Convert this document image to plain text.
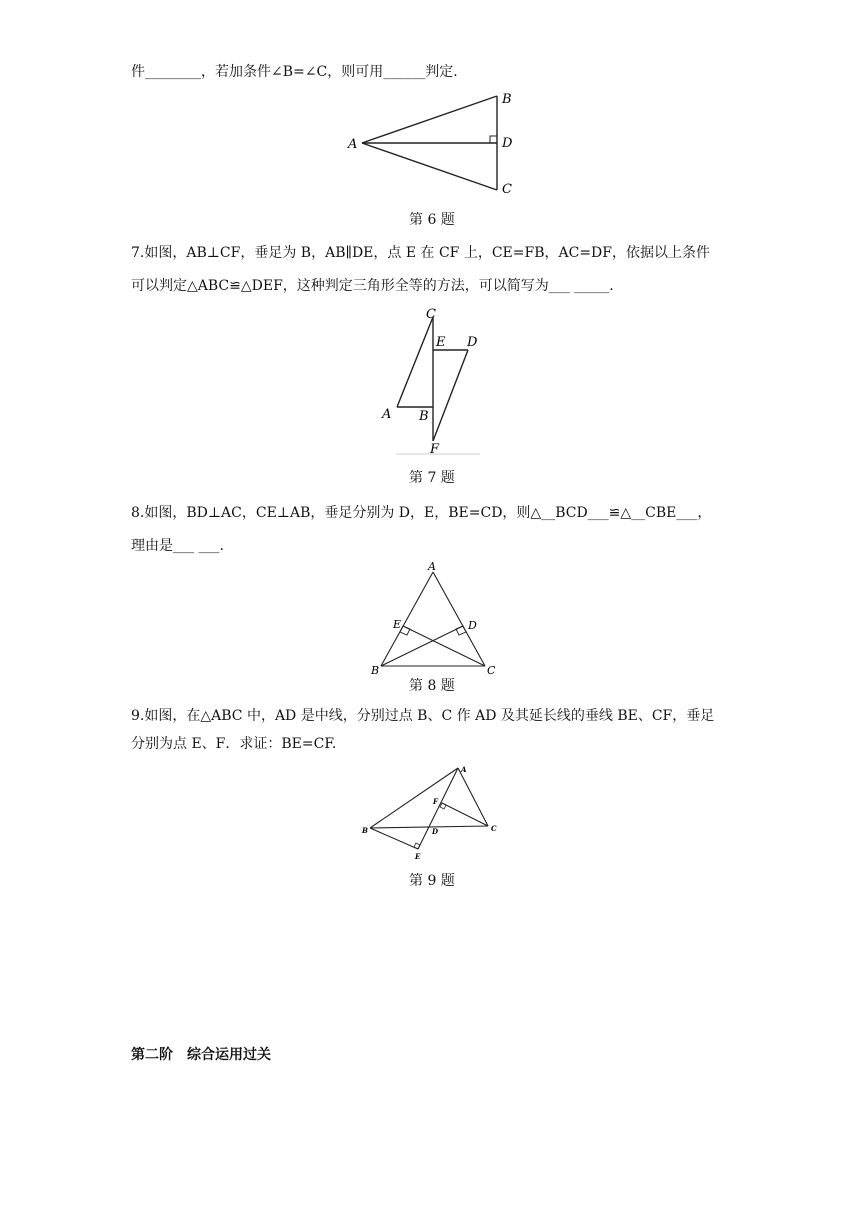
件________，若加条件∠B=∠C，则可用______判定.
A
B
D
C
第 6 题
7.如图，AB⊥CF，垂足为 B，AB∥DE，点 E 在 CF 上，CE=FB，AC=DF，依据以上条件
可以判定△ABC≌△DEF，这种判定三角形全等的方法，可以简写为___ _____.
C
E D
A B
F
第 7 题
8.如图，BD⊥AC，CE⊥AB，垂足分别为 D，E，BE=CD，则△__BCD___≌△__CBE___，
理由是___ ___.
A
E	D
B	C
第 8 题
9.如图，在△ABC 中，AD 是中线，分别过点 B、C 作 AD 及其延长线的垂线 BE、CF，垂足
分别为点 E、F．求证：BE=CF.
A
F
B	D	C
E
第 9 题
第二阶　综合运用过关
